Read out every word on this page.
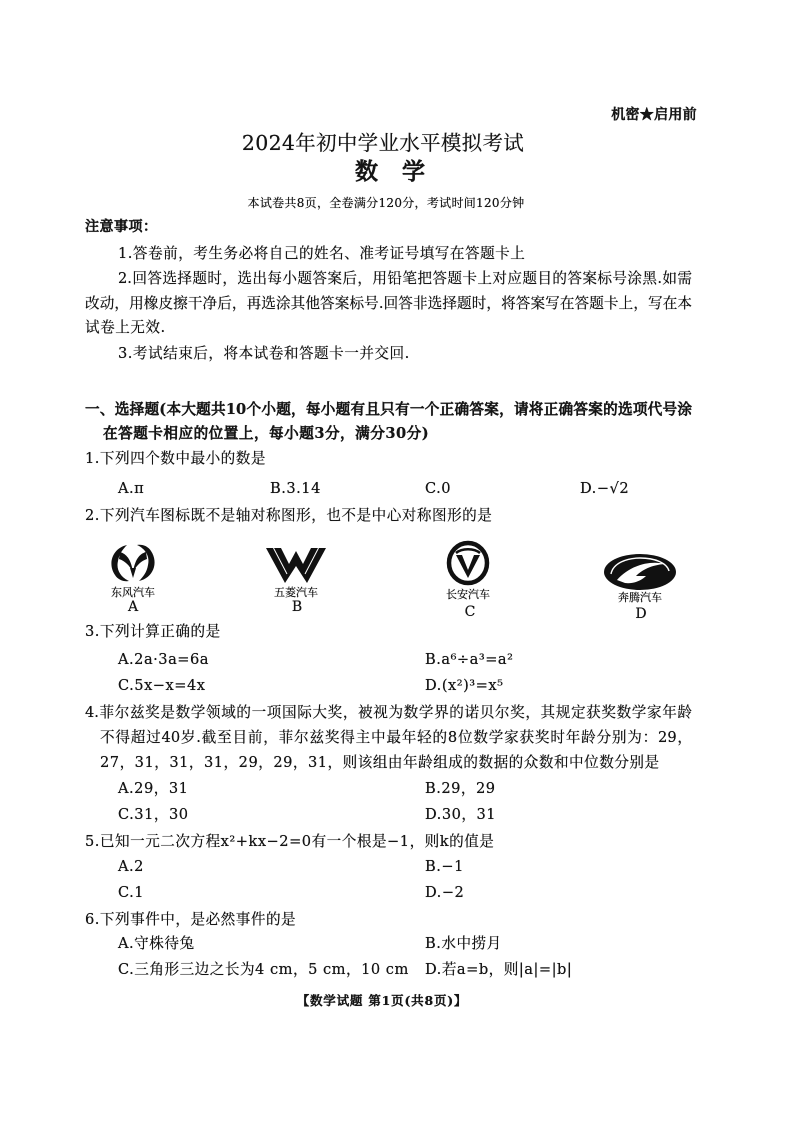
机密★启用前
2024年初中学业水平模拟考试
数 学
本试卷共8页，全卷满分120分，考试时间120分钟
注意事项：
1.答卷前，考生务必将自己的姓名、准考证号填写在答题卡上
2.回答选择题时，选出每小题答案后，用铅笔把答题卡上对应题目的答案标号涂黑.如需
改动，用橡皮擦干净后，再选涂其他答案标号.回答非选择题时，将答案写在答题卡上，写在本
试卷上无效.
3.考试结束后，将本试卷和答题卡一并交回.
一、选择题(本大题共10个小题，每小题有且只有一个正确答案，请将正确答案的选项代号涂
在答题卡相应的位置上，每小题3分，满分30分)
1.下列四个数中最小的数是
A.π	B.3.14	C.0	D.−√2
2.下列汽车图标既不是轴对称图形，也不是中心对称图形的是
东风汽车
A
五菱汽车
B
长安汽车
C
奔腾汽车
D
3.下列计算正确的是
A.2a·3a=6a	B.a⁶÷a³=a²
C.5x−x=4x	D.(x²)³=x⁵
4.菲尔兹奖是数学领域的一项国际大奖，被视为数学界的诺贝尔奖，其规定获奖数学家年龄
不得超过40岁.截至目前，菲尔兹奖得主中最年轻的8位数学家获奖时年龄分别为：29，
27，31，31，31，29，29，31，则该组由年龄组成的数据的众数和中位数分别是
A.29，31	B.29，29
C.31，30	D.30，31
5.已知一元二次方程x²+kx−2=0有一个根是−1，则k的值是
A.2	B.−1
C.1	D.−2
6.下列事件中，是必然事件的是
A.守株待兔	B.水中捞月
C.三角形三边之长为4 cm，5 cm，10 cm D.若a=b，则|a|=|b|
【数学试题 第1页(共8页)】
